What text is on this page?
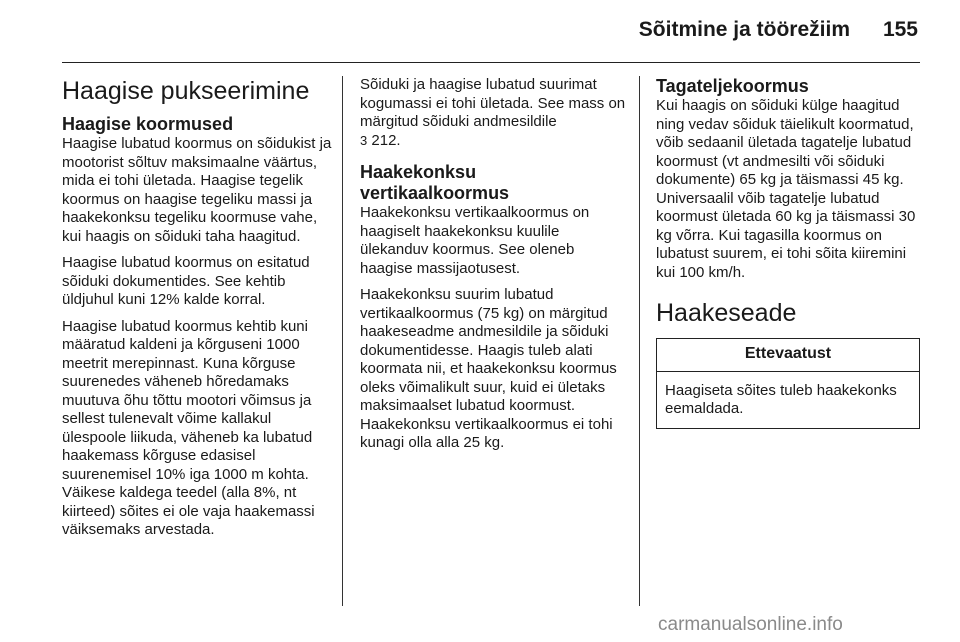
Sõitmine ja töörežiim	155
Haagise pukseerimine
Haagise koormused

Haagise lubatud koormus on sõidukist ja mootorist sõltuv maksimaalne väärtus, mida ei tohi ületada. Haagise tegelik koormus on haagise tegeliku massi ja haakekonksu tegeliku koormuse vahe, kui haagis on sõiduki taha haagitud.

Haagise lubatud koormus on esitatud sõiduki dokumentides. See kehtib üldjuhul kuni 12% kalde korral.

Haagise lubatud koormus kehtib kuni määratud kaldeni ja kõrguseni 1000 meetrit merepinnast. Kuna kõrguse suurenedes väheneb hõredamaks muutuva õhu tõttu mootori võimsus ja sellest tulenevalt võime kallakul ülespoole liikuda, väheneb ka lubatud haakemass kõrguse edasisel suurenemisel 10% iga 1000 m kohta. Väikese kaldega teedel (alla 8%, nt kiirteed) sõites ei ole vaja haakemassi väiksemaks arvestada.

Sõiduki ja haagise lubatud suurimat kogumassi ei tohi ületada. See mass on märgitud sõiduki andmesildile
3 212.

Haakekonksu vertikaalkoormus

Haakekonksu vertikaalkoormus on haagiselt haakekonksu kuulile ülekanduv koormus. See oleneb haagise massijaotusest.

Haakekonksu suurim lubatud vertikaalkoormus (75 kg) on märgitud haakeseadme andmesildile ja sõiduki dokumentidesse. Haagis tuleb alati koormata nii, et haakekonksu koormus oleks võimalikult suur, kuid ei ületaks maksimaalset lubatud koormust. Haakekonksu vertikaalkoormus ei tohi kunagi olla alla 25 kg.

Tagateljekoormus

Kui haagis on sõiduki külge haagitud ning vedav sõiduk täielikult koormatud, võib sedaanil ületada tagatelje lubatud koormust (vt andmesilti või sõiduki dokumente) 65 kg ja täismassi 45 kg. Universaalil võib tagatelje lubatud koormust ületada 60 kg ja täismassi 30 kg võrra. Kui tagasilla koormus on lubatust suurem, ei tohi sõita kiiremini kui 100 km/h.

Haakeseade
Ettevaatust
Haagiseta sõites tuleb haakekonks eemaldada.
carmanualsonline.info
